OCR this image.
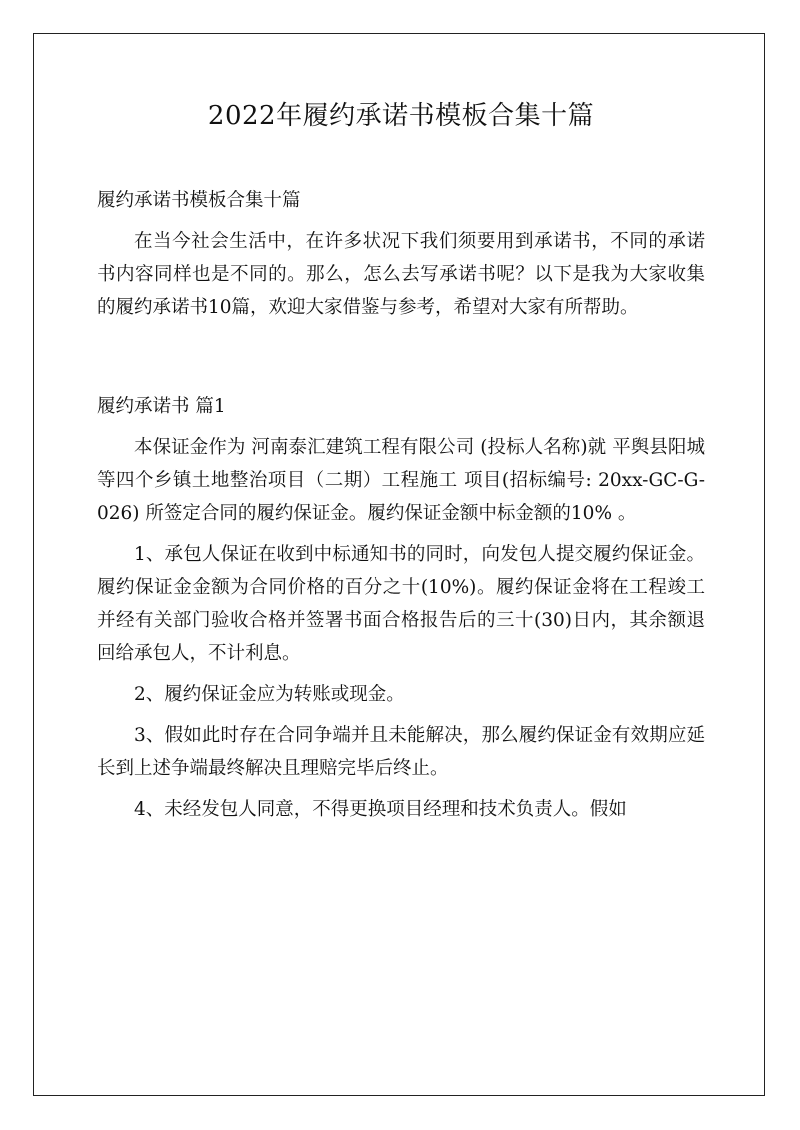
2022年履约承诺书模板合集十篇

履约承诺书模板合集十篇

在当今社会生活中，在许多状况下我们须要用到承诺书，不同的承诺书内容同样也是不同的。那么，怎么去写承诺书呢？以下是我为大家收集的履约承诺书10篇，欢迎大家借鉴与参考，希望对大家有所帮助。

履约承诺书 篇1

本保证金作为 河南泰汇建筑工程有限公司 (投标人名称)就 平舆县阳城等四个乡镇土地整治项目（二期）工程施工 项目(招标编号: 20xx-GC-G-026) 所签定合同的履约保证金。履约保证金额中标金额的10% 。

1、承包人保证在收到中标通知书的同时，向发包人提交履约保证金。履约保证金金额为合同价格的百分之十(10%)。履约保证金将在工程竣工并经有关部门验收合格并签署书面合格报告后的三十(30)日内，其余额退回给承包人，不计利息。

2、履约保证金应为转账或现金。

3、假如此时存在合同争端并且未能解决，那么履约保证金有效期应延长到上述争端最终解决且理赔完毕后终止。

4、未经发包人同意，不得更换项目经理和技术负责人。假如
